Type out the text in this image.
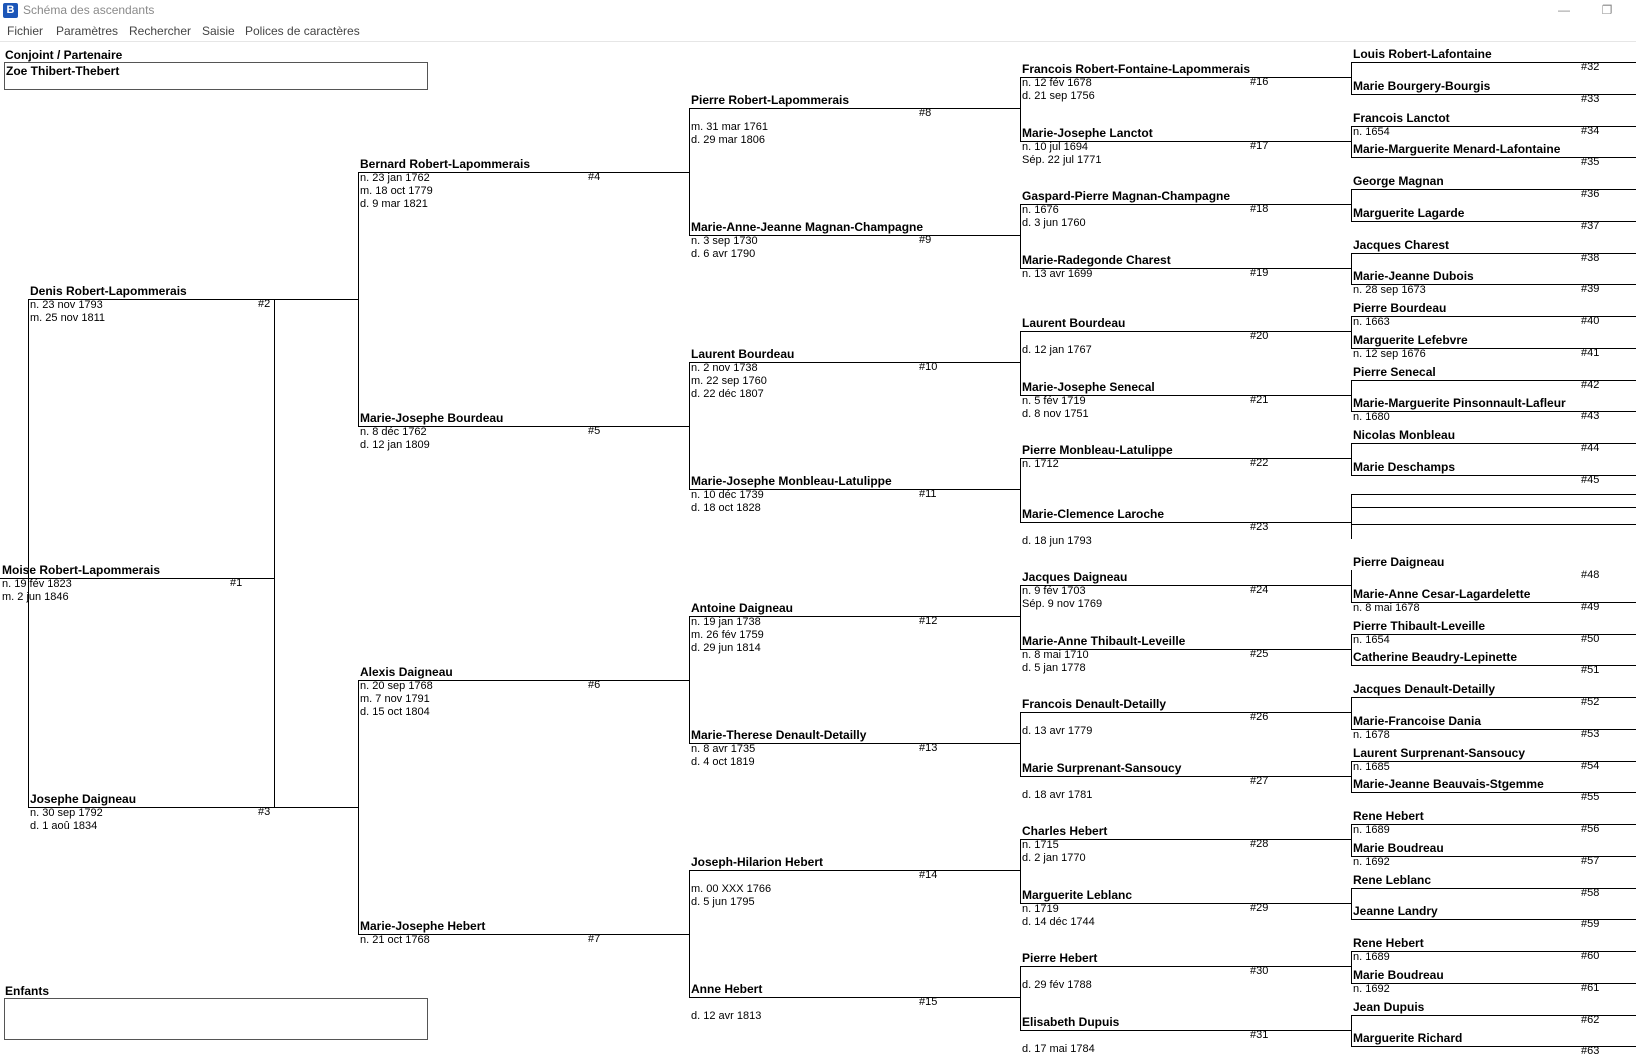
B Schéma des ascendants	—	❐
Fichier Paramètres Rechercher Saisie Polices de caractères
Conjoint / Partenaire
Zoe Thibert-Thebert
Enfants
Moise Robert-Lapommerais
#1
n. 19 fév 1823
m. 2 jun 1846
Denis Robert-Lapommerais
#2
n. 23 nov 1793
m. 25 nov 1811
Josephe Daigneau
#3
n. 30 sep 1792
d. 1 aoû 1834
Bernard Robert-Lapommerais
#4
n. 23 jan 1762
m. 18 oct 1779
d. 9 mar 1821
Marie-Josephe Bourdeau
#5
n. 8 déc 1762
d. 12 jan 1809
Alexis Daigneau
#6
n. 20 sep 1768
m. 7 nov 1791
d. 15 oct 1804
Marie-Josephe Hebert
#7
n. 21 oct 1768
Pierre Robert-Lapommerais
#8
m. 31 mar 1761
d. 29 mar 1806
Marie-Anne-Jeanne Magnan-Champagne
#9
n. 3 sep 1730
d. 6 avr 1790
Laurent Bourdeau
#10
n. 2 nov 1738
m. 22 sep 1760
d. 22 déc 1807
Marie-Josephe Monbleau-Latulippe
#11
n. 10 déc 1739
d. 18 oct 1828
Antoine Daigneau
#12
n. 19 jan 1738
m. 26 fév 1759
d. 29 jun 1814
Marie-Therese Denault-Detailly
#13
n. 8 avr 1735
d. 4 oct 1819
Joseph-Hilarion Hebert
#14
m. 00 XXX 1766
d. 5 jun 1795
Anne Hebert
#15
d. 12 avr 1813
Francois Robert-Fontaine-Lapommerais
#16
n. 12 fév 1678
d. 21 sep 1756
Marie-Josephe Lanctot
#17
n. 10 jul 1694
Sép. 22 jul 1771
Gaspard-Pierre Magnan-Champagne
#18
n. 1676
d. 3 jun 1760
Marie-Radegonde Charest
#19
n. 13 avr 1699
Laurent Bourdeau
#20
d. 12 jan 1767
Marie-Josephe Senecal
#21
n. 5 fév 1719
d. 8 nov 1751
Pierre Monbleau-Latulippe
#22
n. 1712
Marie-Clemence Laroche
#23
d. 18 jun 1793
Jacques Daigneau
#24
n. 9 fév 1703
Sép. 9 nov 1769
Marie-Anne Thibault-Leveille
#25
n. 8 mai 1710
d. 5 jan 1778
Francois Denault-Detailly
#26
d. 13 avr 1779
Marie Surprenant-Sansoucy
#27
d. 18 avr 1781
Charles Hebert
#28
n. 1715
d. 2 jan 1770
Marguerite Leblanc
#29
n. 1719
d. 14 déc 1744
Pierre Hebert
#30
d. 29 fév 1788
Elisabeth Dupuis
#31
d. 17 mai 1784
Louis Robert-Lafontaine
#32
Marie Bourgery-Bourgis
#33
Francois Lanctot
#34
n. 1654
Marie-Marguerite Menard-Lafontaine
#35
George Magnan
#36
Marguerite Lagarde
#37
Jacques Charest
#38
Marie-Jeanne Dubois
#39
n. 28 sep 1673
Pierre Bourdeau
#40
n. 1663
Marguerite Lefebvre
#41
n. 12 sep 1676
Pierre Senecal
#42
Marie-Marguerite Pinsonnault-Lafleur
#43
n. 1680
Nicolas Monbleau
#44
Marie Deschamps
#45
Pierre Daigneau
#48
Marie-Anne Cesar-Lagardelette
#49
n. 8 mai 1678
Pierre Thibault-Leveille
#50
n. 1654
Catherine Beaudry-Lepinette
#51
Jacques Denault-Detailly
#52
Marie-Francoise Dania
#53
n. 1678
Laurent Surprenant-Sansoucy
#54
n. 1685
Marie-Jeanne Beauvais-Stgemme
#55
Rene Hebert
#56
n. 1689
Marie Boudreau
#57
n. 1692
Rene Leblanc
#58
Jeanne Landry
#59
Rene Hebert
#60
n. 1689
Marie Boudreau
#61
n. 1692
Jean Dupuis
#62
Marguerite Richard
#63
